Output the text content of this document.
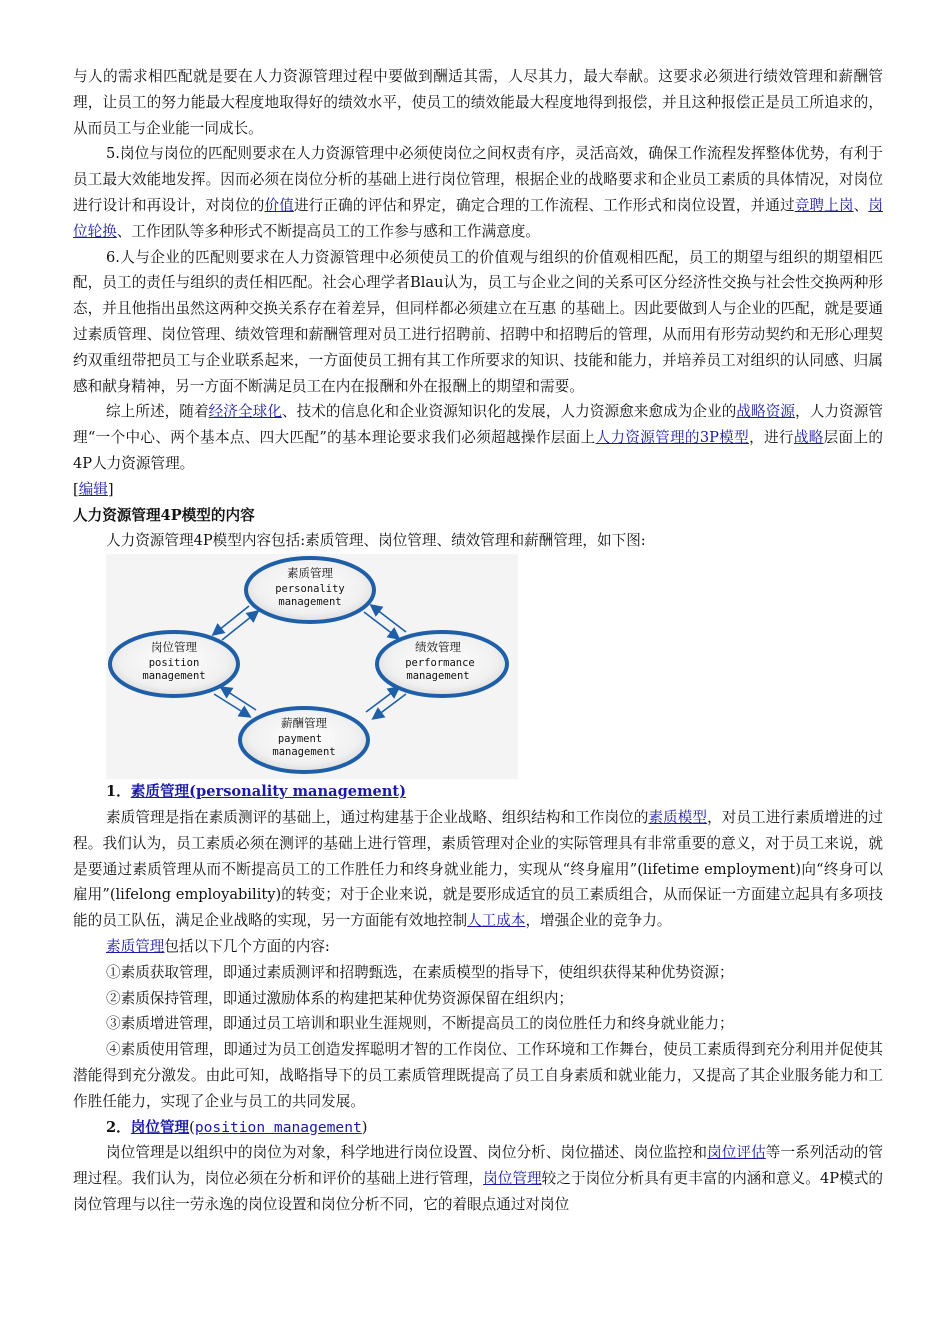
与人的需求相匹配就是要在人力资源管理过程中要做到酬适其需，人尽其力，最大奉献。这要求必须进行绩效管理和薪酬管理，让员工的努力能最大程度地取得好的绩效水平，使员工的绩效能最大程度地得到报偿，并且这种报偿正是员工所追求的，从而员工与企业能一同成长。

5.岗位与岗位的匹配则要求在人力资源管理中必须使岗位之间权责有序，灵活高效，确保工作流程发挥整体优势，有利于员工最大效能地发挥。因而必须在岗位分析的基础上进行岗位管理，根据企业的战略要求和企业员工素质的具体情况，对岗位进行设计和再设计，对岗位的价值进行正确的评估和界定，确定合理的工作流程、工作形式和岗位设置，并通过竞聘上岗、岗位轮换、工作团队等多种形式不断提高员工的工作参与感和工作满意度。

6.人与企业的匹配则要求在人力资源管理中必须使员工的价值观与组织的价值观相匹配，员工的期望与组织的期望相匹配，员工的责任与组织的责任相匹配。社会心理学者Blau认为，员工与企业之间的关系可区分经济性交换与社会性交换两种形态，并且他指出虽然这两种交换关系存在着差异，但同样都必须建立在互惠 的基础上。因此要做到人与企业的匹配，就是要通过素质管理、岗位管理、绩效管理和薪酬管理对员工进行招聘前、招聘中和招聘后的管理，从而用有形劳动契约和无形心理契约双重纽带把员工与企业联系起来，一方面使员工拥有其工作所要求的知识、技能和能力，并培养员工对组织的认同感、归属感和献身精神，另一方面不断满足员工在内在报酬和外在报酬上的期望和需要。

综上所述，随着经济全球化、技术的信息化和企业资源知识化的发展，人力资源愈来愈成为企业的战略资源，人力资源管理“一个中心、两个基本点、四大匹配”的基本理论要求我们必须超越操作层面上人力资源管理的3P模型，进行战略层面上的4P人力资源管理。

[编辑]

人力资源管理4P模型的内容

人力资源管理4P模型内容包括:素质管理、岗位管理、绩效管理和薪酬管理，如下图:

素质管理
personality
management
岗位管理
position
management
绩效管理
performance
management
薪酬管理
payment
management

1．素质管理(personality management)

素质管理是指在素质测评的基础上，通过构建基于企业战略、组织结构和工作岗位的素质模型，对员工进行素质增进的过程。我们认为，员工素质必须在测评的基础上进行管理，素质管理对企业的实际管理具有非常重要的意义，对于员工来说，就是要通过素质管理从而不断提高员工的工作胜任力和终身就业能力，实现从“终身雇用”(lifetime employment)向“终身可以雇用”(lifelong employability)的转变；对于企业来说，就是要形成适宜的员工素质组合，从而保证一方面建立起具有多项技能的员工队伍，满足企业战略的实现，另一方面能有效地控制人工成本，增强企业的竞争力。

素质管理包括以下几个方面的内容:

①素质获取管理，即通过素质测评和招聘甄选，在素质模型的指导下，使组织获得某种优势资源；

②素质保持管理，即通过激励体系的构建把某种优势资源保留在组织内；

③素质增进管理，即通过员工培训和职业生涯规则，不断提高员工的岗位胜任力和终身就业能力；

④素质使用管理，即通过为员工创造发挥聪明才智的工作岗位、工作环境和工作舞台，使员工素质得到充分利用并促使其潜能得到充分激发。由此可知，战略指导下的员工素质管理既提高了员工自身素质和就业能力，又提高了其企业服务能力和工作胜任能力，实现了企业与员工的共同发展。

2．岗位管理(position management)

岗位管理是以组织中的岗位为对象，科学地进行岗位设置、岗位分析、岗位描述、岗位监控和岗位评估等一系列活动的管理过程。我们认为，岗位必须在分析和评价的基础上进行管理，岗位管理较之于岗位分析具有更丰富的内涵和意义。4P模式的岗位管理与以往一劳永逸的岗位设置和岗位分析不同，它的着眼点通过对岗位
